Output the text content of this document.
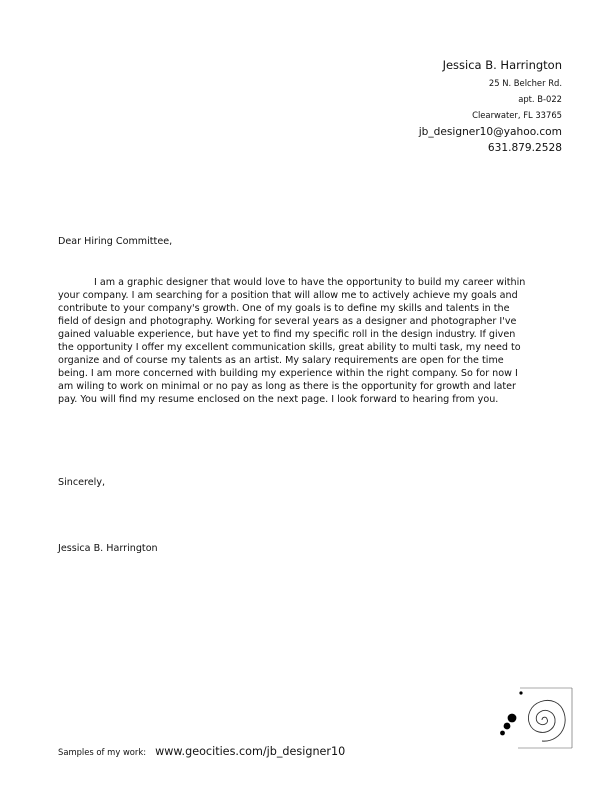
Jessica B. Harrington
25 N. Belcher Rd.
apt. B-022
Clearwater, FL 33765
jb_designer10@yahoo.com
631.879.2528
Dear Hiring Committee,
I am a graphic designer that would love to have the opportunity to build my career within your company. I am searching for a position that will allow me to actively achieve my goals and contribute to your company's growth. One of my goals is to define my skills and talents in the field of design and photography. Working for several years as a designer and photographer I've gained valuable experience, but have yet to find my specific roll in the design industry. If given the opportunity I offer my excellent communication skills, great ability to multi task, my need to organize and of course my talents as an artist. My salary requirements are open for the time being. I am more concerned with building my experience within the right company. So for now I am wiling to work on minimal or no pay as long as there is the opportunity for growth and later pay. You will find my resume enclosed on the next page. I look forward to hearing from you.
Sincerely,
Jessica B. Harrington
Samples of my work: www.geocities.com/jb_designer10
